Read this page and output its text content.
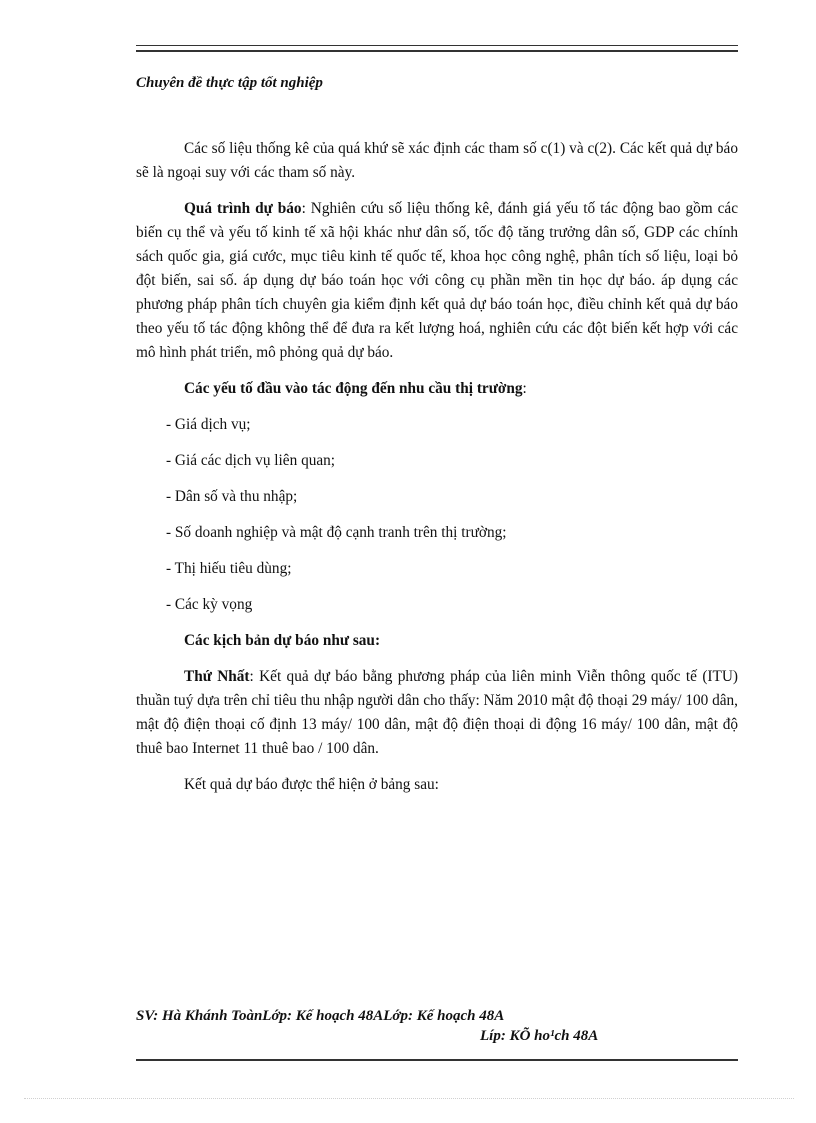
Chuyên đề thực tập tốt nghiệp

Các số liệu thống kê của quá khứ sẽ xác định các tham số c(1) và c(2). Các kết quả dự báo sẽ là ngoại suy với các tham số này.

Quá trình dự báo: Nghiên cứu số liệu thống kê, đánh giá yếu tố tác động bao gồm các biến cụ thể và yếu tố kinh tế xã hội khác như dân số, tốc độ tăng trưởng dân số, GDP các chính sách quốc gia, giá cước, mục tiêu kinh tế quốc tế, khoa học công nghệ, phân tích số liệu, loại bỏ đột biến, sai số. áp dụng dự báo toán học với công cụ phần mền tin học dự báo. áp dụng các phương pháp phân tích chuyên gia kiểm định kết quả dự báo toán học, điều chỉnh kết quả dự báo theo yếu tố tác động không thể để đưa ra kết lượng hoá, nghiên cứu các đột biến kết hợp với các mô hình phát triển, mô phỏng quả dự báo.

Các yếu tố đầu vào tác động đến nhu cầu thị trường:

- Giá dịch vụ;

- Giá các dịch vụ liên quan;

- Dân số và thu nhập;

- Số doanh nghiệp và mật độ cạnh tranh trên thị trường;

- Thị hiếu tiêu dùng;

- Các kỳ vọng

Các kịch bản dự báo như sau:

Thứ Nhất: Kết quả dự báo bằng phương pháp của liên minh Viễn thông quốc tế (ITU) thuần tuý dựa trên chỉ tiêu thu nhập người dân cho thấy: Năm 2010 mật độ thoại 29 máy/ 100 dân, mật độ điện thoại cố định 13 máy/ 100 dân, mật độ điện thoại di động 16 máy/ 100 dân, mật độ thuê bao Internet 11 thuê bao / 100 dân.

Kết quả dự báo được thể hiện ở bảng sau:

SV: Hà Khánh ToànLớp: Kế hoạch 48ALớp: Kế hoạch 48A
Líp: KÕ ho¹ch 48A
